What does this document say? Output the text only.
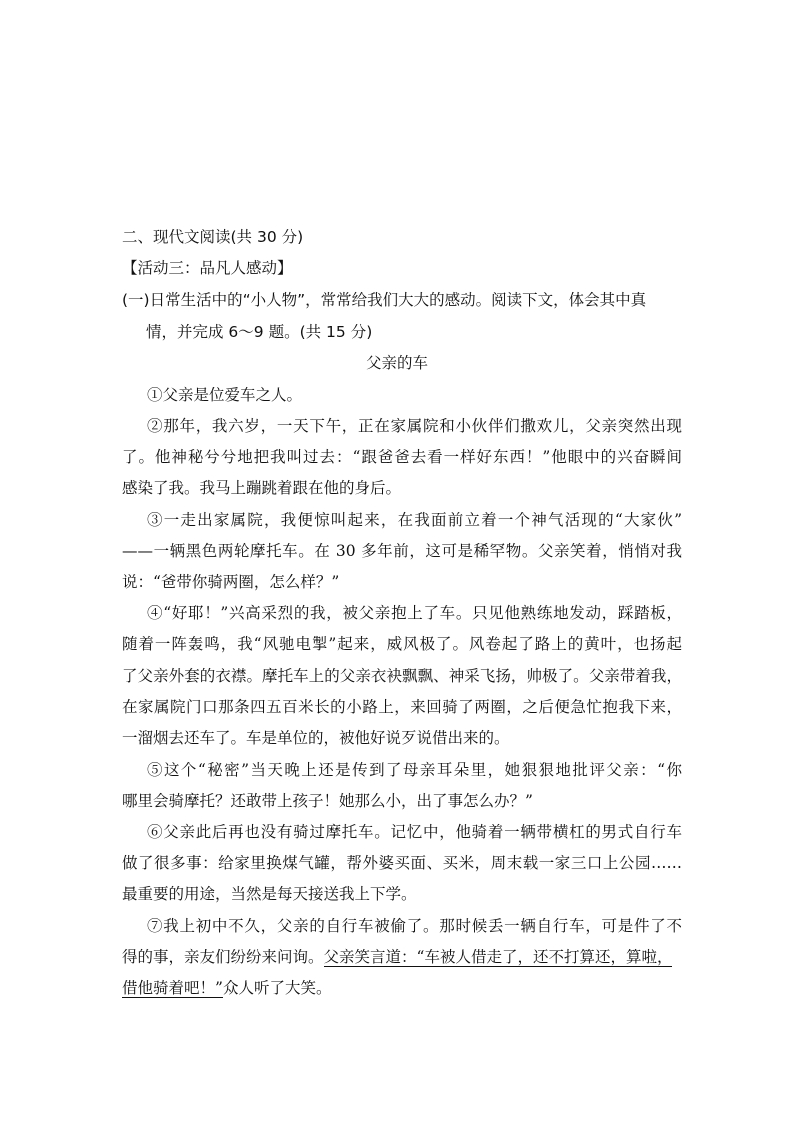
二、现代文阅读(共 30 分)
【活动三：品凡人感动】
(一)日常生活中的“小人物”，常常给我们大大的感动。阅读下文，体会其中真
情，并完成 6～9 题。(共 15 分)
父亲的车
①父亲是位爱车之人。
②那年，我六岁，一天下午，正在家属院和小伙伴们撒欢儿，父亲突然出现
了。他神秘兮兮地把我叫过去：“跟爸爸去看一样好东西！”他眼中的兴奋瞬间
感染了我。我马上蹦跳着跟在他的身后。
③一走出家属院，我便惊叫起来，在我面前立着一个神气活现的“大家伙”
——一辆黑色两轮摩托车。在 30 多年前，这可是稀罕物。父亲笑着，悄悄对我
说：“爸带你骑两圈，怎么样？”
④“好耶！”兴高采烈的我，被父亲抱上了车。只见他熟练地发动，踩踏板，
随着一阵轰鸣，我“风驰电掣”起来，威风极了。风卷起了路上的黄叶，也扬起
了父亲外套的衣襟。摩托车上的父亲衣袂飘飘、神采飞扬，帅极了。父亲带着我，
在家属院门口那条四五百米长的小路上，来回骑了两圈，之后便急忙抱我下来，
一溜烟去还车了。车是单位的，被他好说歹说借出来的。
⑤这个“秘密”当天晚上还是传到了母亲耳朵里，她狠狠地批评父亲：“你
哪里会骑摩托？还敢带上孩子！她那么小，出了事怎么办？”
⑥父亲此后再也没有骑过摩托车。记忆中，他骑着一辆带横杠的男式自行车
做了很多事：给家里换煤气罐，帮外婆买面、买米，周末载一家三口上公园……
最重要的用途，当然是每天接送我上下学。
⑦我上初中不久，父亲的自行车被偷了。那时候丢一辆自行车，可是件了不
得的事，亲友们纷纷来问询。父亲笑言道：“车被人借走了，还不打算还，算啦，
借他骑着吧！”众人听了大笑。
